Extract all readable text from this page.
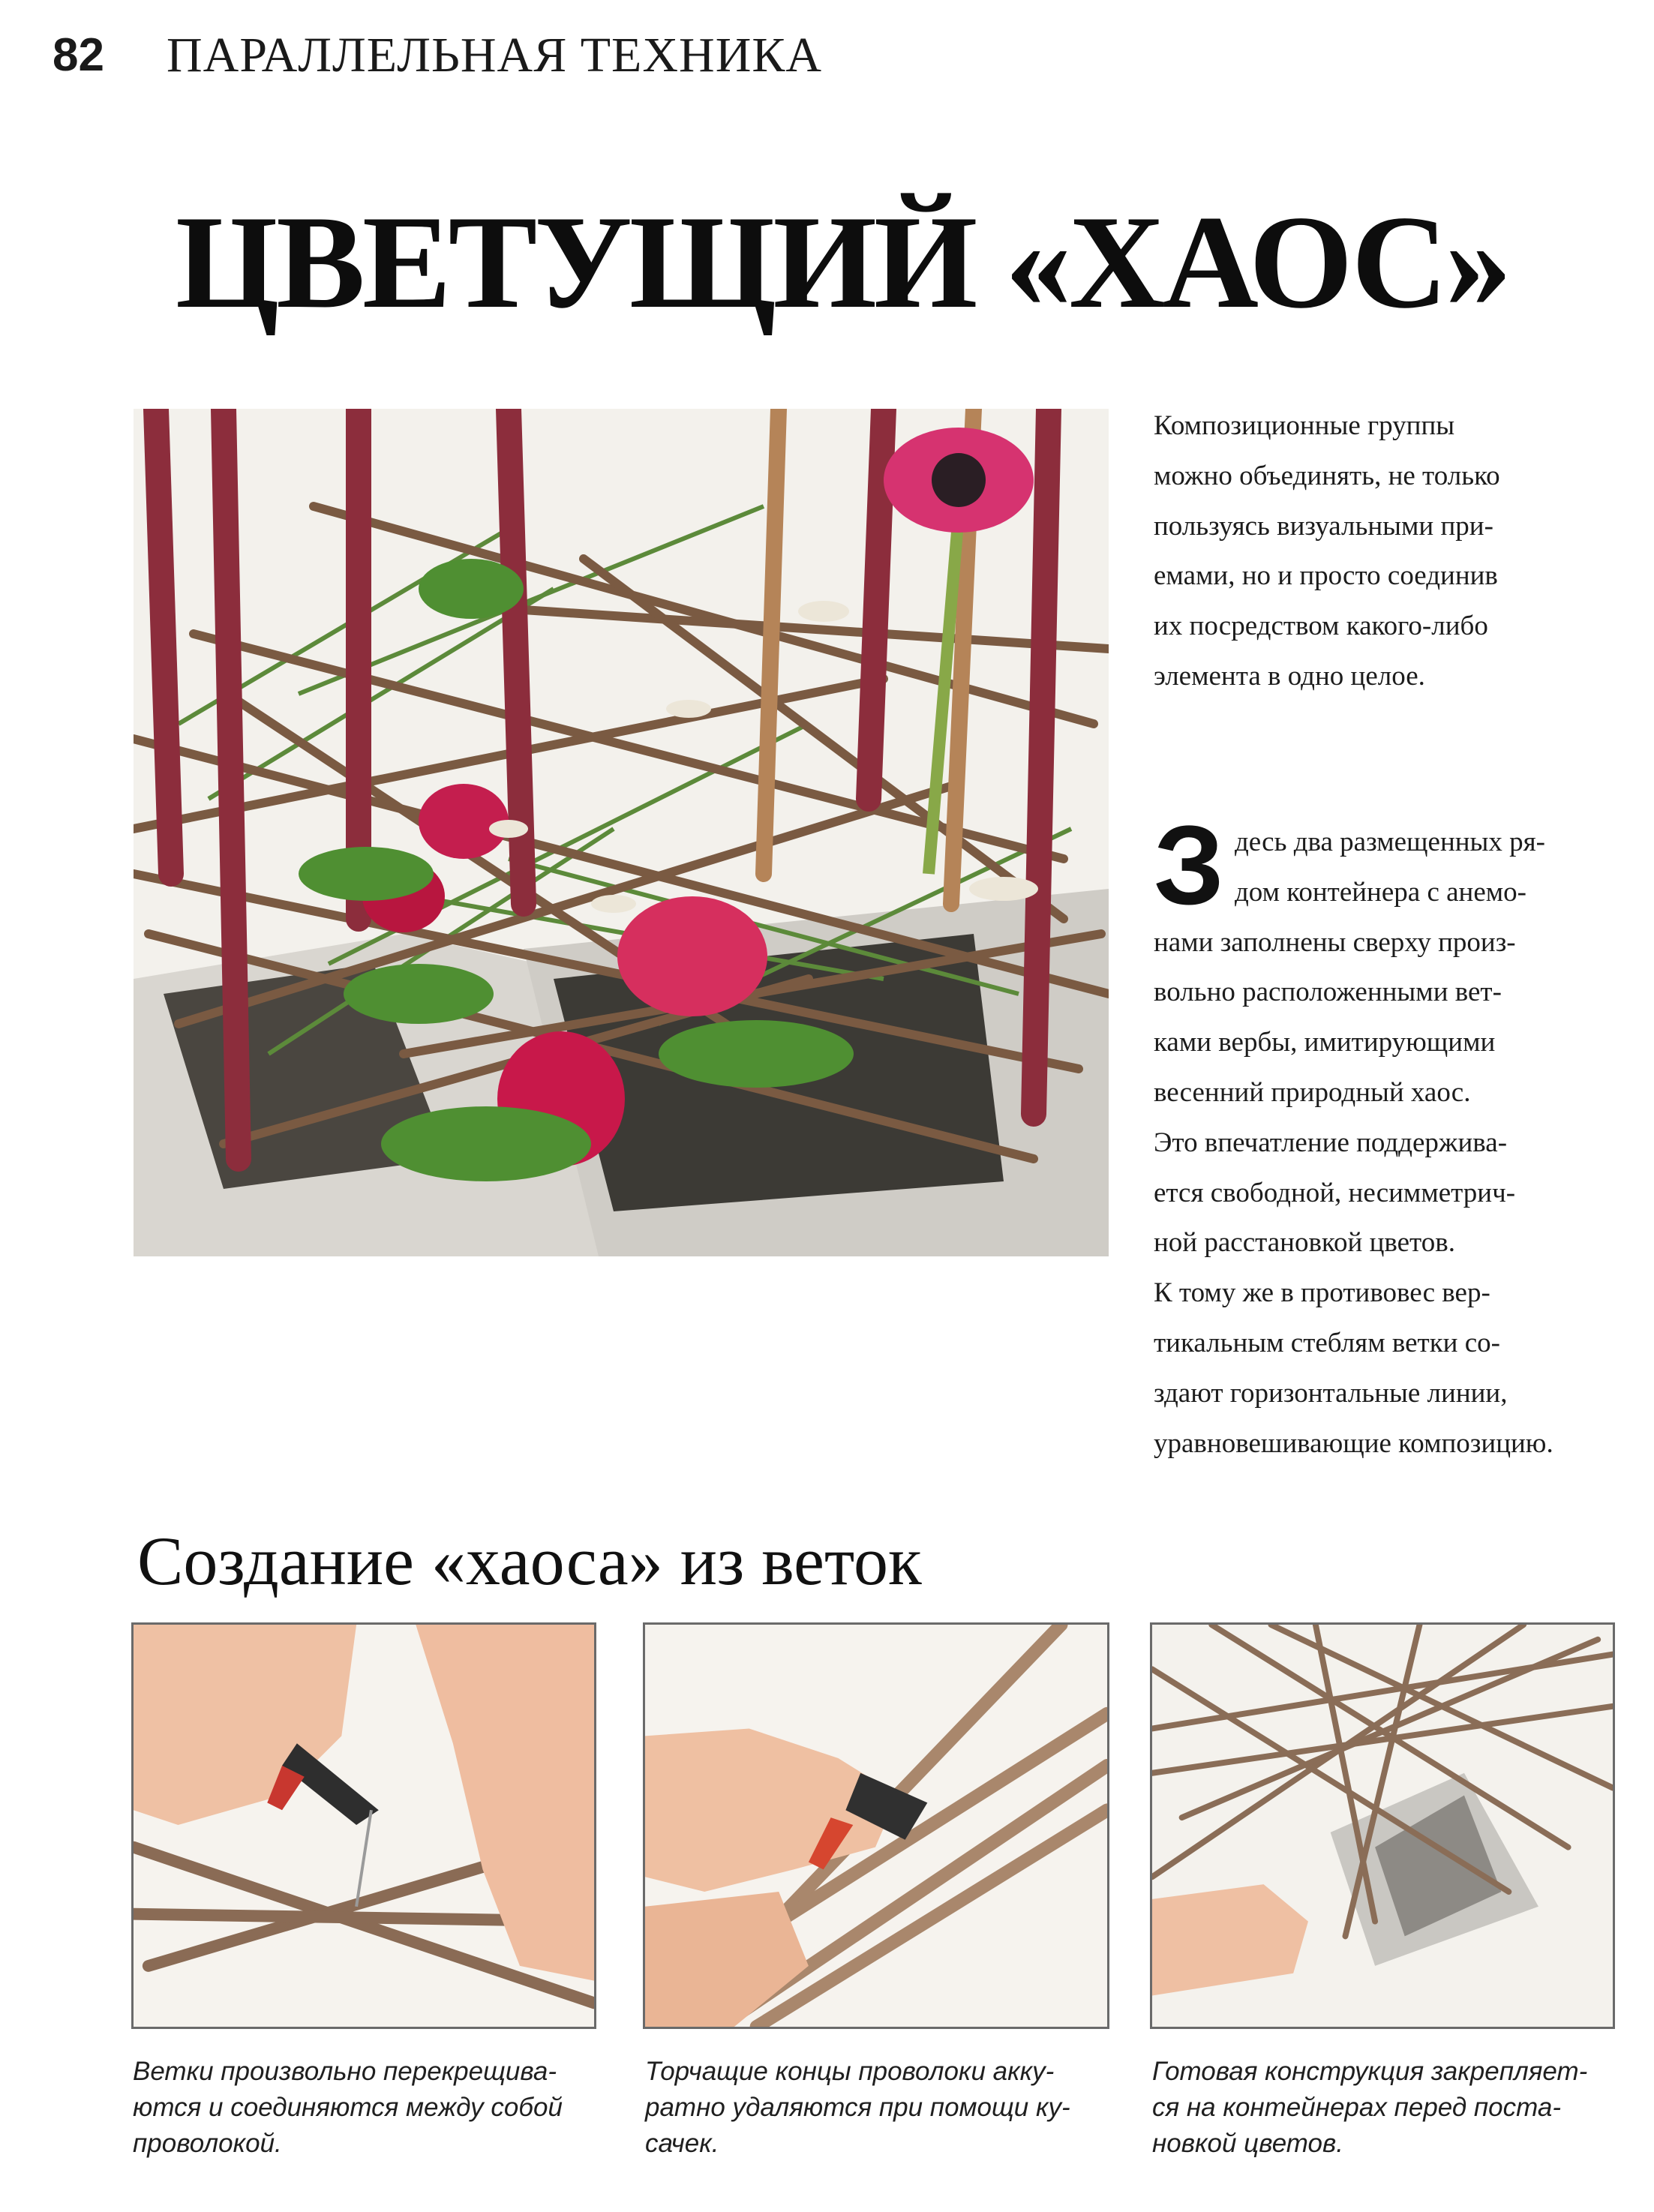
82 ПАРАЛЛЕЛЬНАЯ ТЕХНИКА
ЦВЕТУЩИЙ «ХАОС»

Композиционные группы

можно объединять, не только

пользуясь визуальными при-

емами, но и просто соединив

их посредством какого-либо

элемента в одно целое.

З десь два размещенных ря-

дом контейнера с анемо-

нами заполнены сверху произ-

вольно расположенными вет-

ками вербы, имитирующими

весенний природный хаос.

Это впечатление поддержива-

ется свободной, несимметрич-

ной расстановкой цветов.

К тому же в противовес вер-

тикальным стеблям ветки со-

здают горизонтальные линии,

уравновешивающие композицию.

Создание «хаоса» из веток
Ветки произвольно перекрещива-
ются и соединяются между собой
проволокой.
Торчащие концы проволоки акку-
ратно удаляются при помощи ку-
сачек.
Готовая конструкция закрепляет-
ся на контейнерах перед поста-
новкой цветов.
